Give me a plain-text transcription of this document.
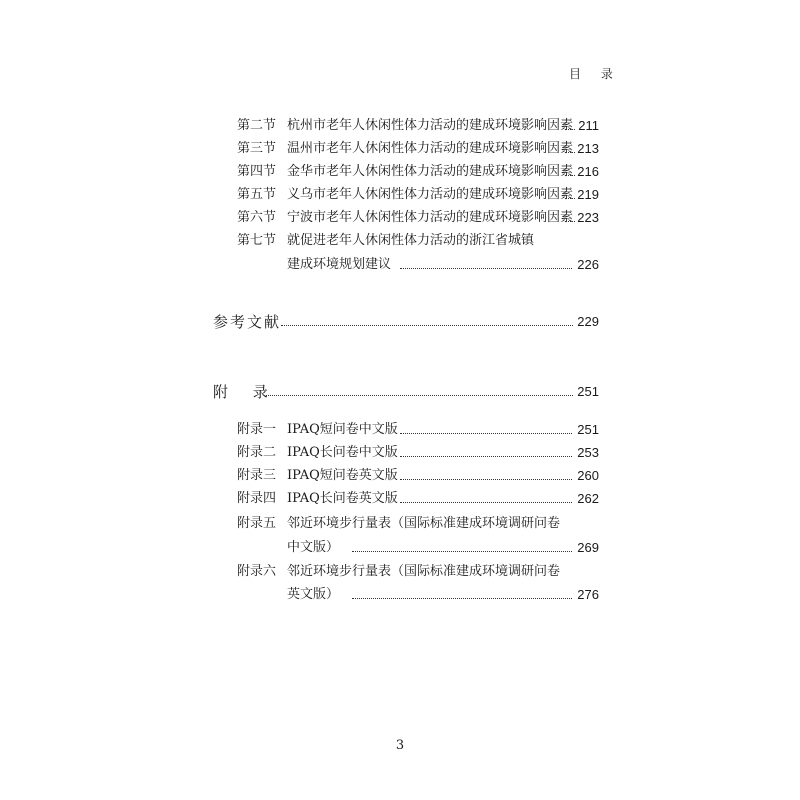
目 录
第二节 杭州市老年人休闲性体力活动的建成环境影响因素 211
第三节 温州市老年人休闲性体力活动的建成环境影响因素 213
第四节 金华市老年人休闲性体力活动的建成环境影响因素 216
第五节 义乌市老年人休闲性体力活动的建成环境影响因素 219
第六节 宁波市老年人休闲性体力活动的建成环境影响因素 223
第七节 就促进老年人休闲性体力活动的浙江省城镇
建成环境规划建议	226
参考文献	229
附 录	251
附录一 IPAQ短问卷中文版	251
附录二 IPAQ长问卷中文版	253
附录三 IPAQ短问卷英文版	260
附录四 IPAQ长问卷英文版	262
附录五 邻近环境步行量表（国际标准建成环境调研问卷
中文版）	269
附录六 邻近环境步行量表（国际标准建成环境调研问卷
英文版）	276
3
